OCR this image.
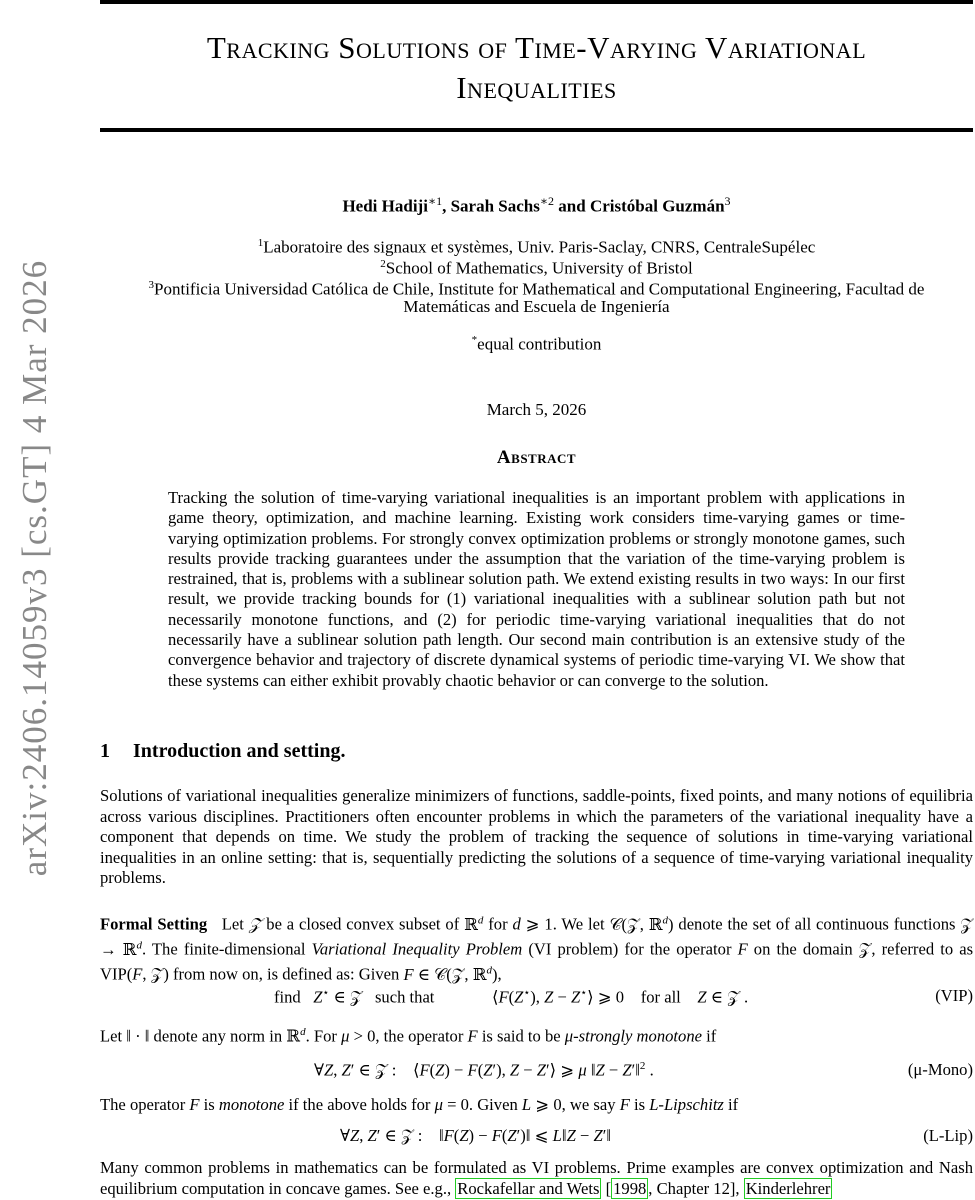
arXiv:2406.14059v3 [cs.GT] 4 Mar 2026
Tracking Solutions of Time-Varying Variational
Inequalities
Hedi Hadiji$^{∗1}$, Sarah Sachs$^{∗2}$ and Cristóbal Guzmán$^3$
$^1$Laboratoire des signaux et systèmes, Univ. Paris-Saclay, CNRS, CentraleSupélec
$^2$School of Mathematics, University of Bristol
$^3$Pontificia Universidad Católica de Chile, Institute for Mathematical and Computational Engineering, Facultad de
Matemáticas and Escuela de Ingeniería
*equal contribution
March 5, 2026
Abstract
Tracking the solution of time-varying variational inequalities is an important problem with applications in game theory, optimization, and machine learning. Existing work considers time-varying games or time-varying optimization problems. For strongly convex optimization problems or strongly monotone games, such results provide tracking guarantees under the assumption that the variation of the time-varying problem is restrained, that is, problems with a sublinear solution path. We extend existing results in two ways: In our first result, we provide tracking bounds for (1) variational inequalities with a sublinear solution path but not necessarily monotone functions, and (2) for periodic time-varying variational inequalities that do not necessarily have a sublinear solution path length. Our second main contribution is an extensive study of the convergence behavior and trajectory of discrete dynamical systems of periodic time-varying VI. We show that these systems can either exhibit provably chaotic behavior or can converge to the solution.
1 Introduction and setting.
Solutions of variational inequalities generalize minimizers of functions, saddle-points, fixed points, and many notions of equilibria across various disciplines. Practitioners often encounter problems in which the parameters of the variational inequality have a component that depends on time. We study the problem of tracking the sequence of solutions in time-varying variational inequalities in an online setting: that is, sequentially predicting the solutions of a sequence of time-varying variational inequality problems.
Formal Setting Let 𝒵 be a closed convex subset of ℝ$^d$ for d ⩾ 1. We let 𝒞(𝒵, ℝ$^d$) denote the set of all continuous functions 𝒵 → ℝ$^d$. The finite-dimensional Variational Inequality Problem (VI problem) for the operator F on the domain 𝒵, referred to as VIP(F, 𝒵) from now on, is defined as: Given F ∈ 𝒞(𝒵, ℝ$^d$),
find Z⋆ ∈ 𝒵   such that	⟨F(Z⋆), Z − Z⋆⟩ ⩾ 0    for all Z ∈ 𝒵 .	(VIP)
Let ‖ · ‖ denote any norm in ℝ$^d$. For μ > 0, the operator F is said to be μ-strongly monotone if
∀Z, Z′ ∈ 𝒵 :    ⟨F(Z) − F(Z′), Z − Z′⟩ ⩾ μ ‖Z − Z′‖$^2$ .	(μ-Mono)
The operator F is monotone if the above holds for μ = 0. Given L ⩾ 0, we say F is L-Lipschitz if
∀Z, Z′ ∈ 𝒵 :    ‖F(Z) − F(Z′)‖ ⩽ L‖Z − Z′‖	(L-Lip)
Many common problems in mathematics can be formulated as VI problems. Prime examples are convex optimization and Nash equilibrium computation in concave games. See e.g., Rockafellar and Wets [ 1998 , Chapter 12], Kinderlehrer
